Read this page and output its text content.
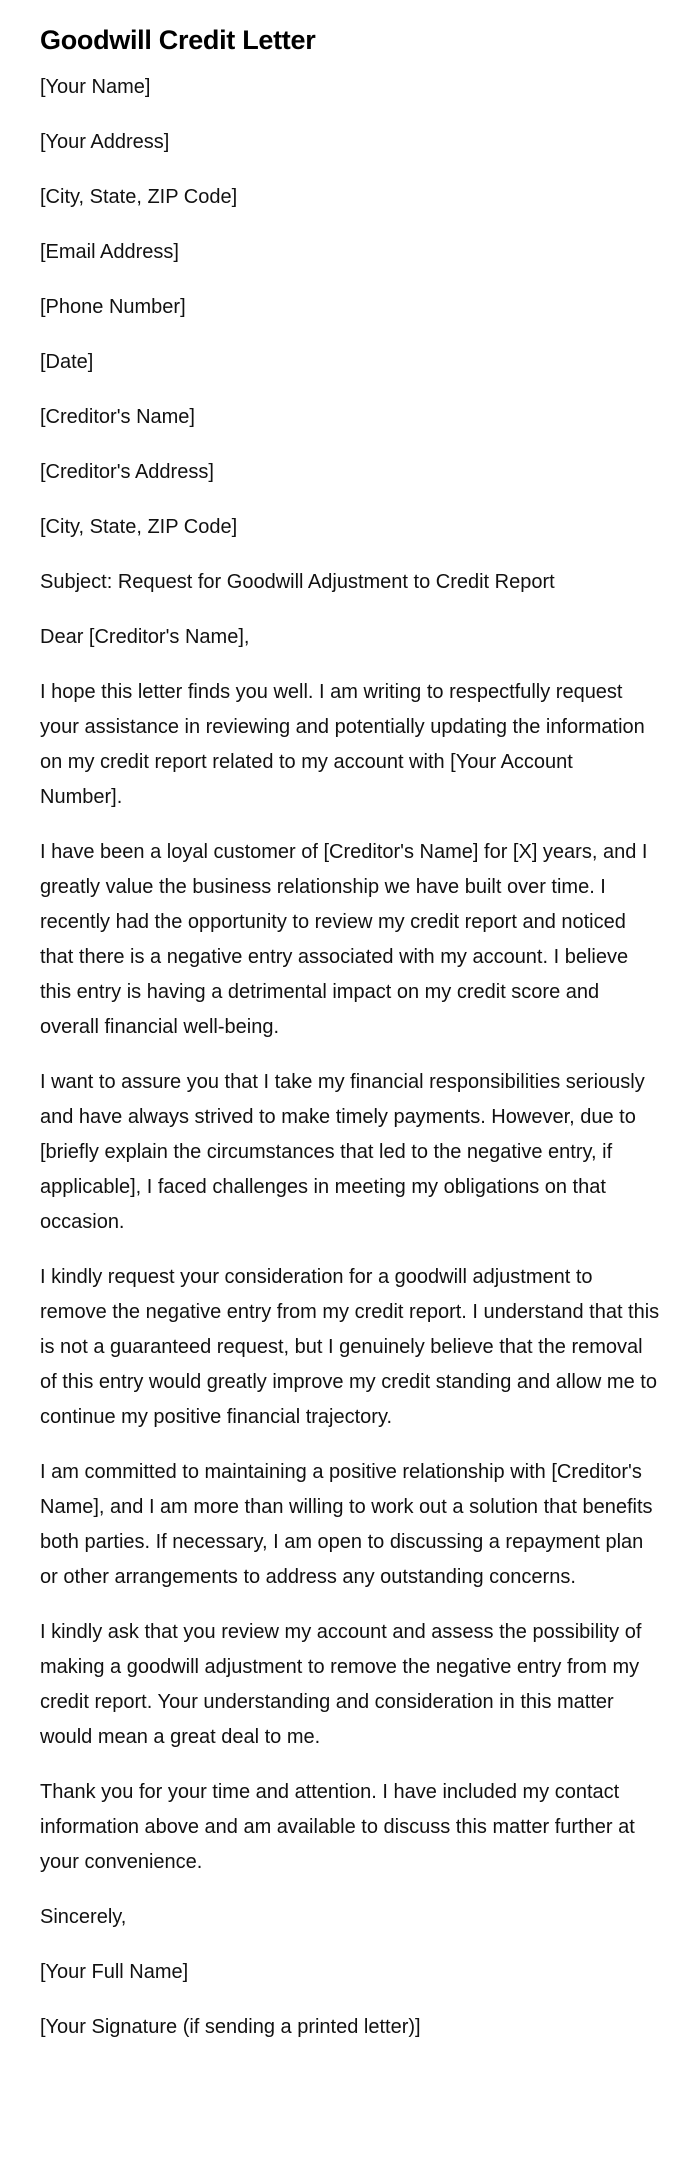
Goodwill Credit Letter
[Your Name]
[Your Address]
[City, State, ZIP Code]
[Email Address]
[Phone Number]
[Date]
[Creditor's Name]
[Creditor's Address]
[City, State, ZIP Code]
Subject: Request for Goodwill Adjustment to Credit Report
Dear [Creditor's Name],

I hope this letter finds you well. I am writing to respectfully request your assistance in reviewing and potentially updating the information on my credit report related to my account with [Your Account Number].

I have been a loyal customer of [Creditor's Name] for [X] years, and I greatly value the business relationship we have built over time. I recently had the opportunity to review my credit report and noticed that there is a negative entry associated with my account. I believe this entry is having a detrimental impact on my credit score and overall financial well-being.

I want to assure you that I take my financial responsibilities seriously and have always strived to make timely payments. However, due to [briefly explain the circumstances that led to the negative entry, if applicable], I faced challenges in meeting my obligations on that occasion.

I kindly request your consideration for a goodwill adjustment to remove the negative entry from my credit report. I understand that this is not a guaranteed request, but I genuinely believe that the removal of this entry would greatly improve my credit standing and allow me to continue my positive financial trajectory.

I am committed to maintaining a positive relationship with [Creditor's Name], and I am more than willing to work out a solution that benefits both parties. If necessary, I am open to discussing a repayment plan or other arrangements to address any outstanding concerns.

I kindly ask that you review my account and assess the possibility of making a goodwill adjustment to remove the negative entry from my credit report. Your understanding and consideration in this matter would mean a great deal to me.

Thank you for your time and attention. I have included my contact information above and am available to discuss this matter further at your convenience.

Sincerely,
[Your Full Name]
[Your Signature (if sending a printed letter)]
